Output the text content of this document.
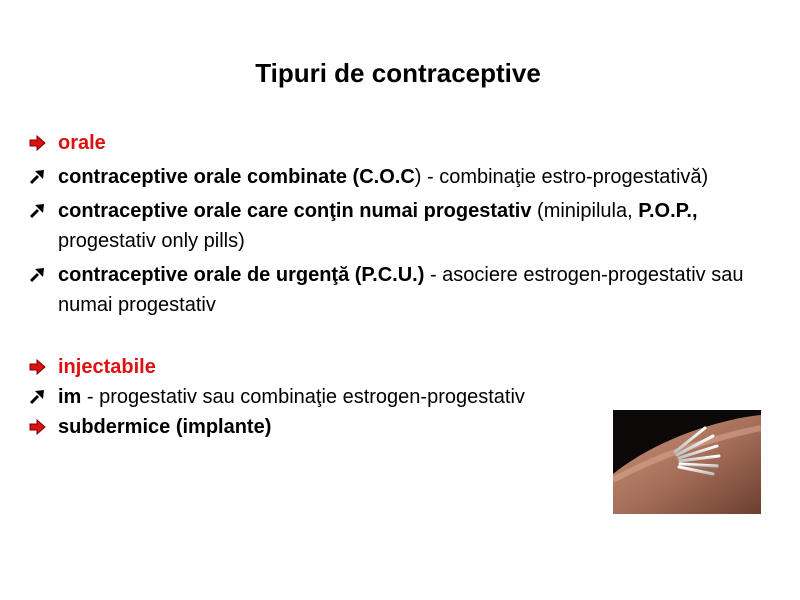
Tipuri de contraceptive
orale
contraceptive orale combinate (C.O.C) - combinaţie estro-progestativă)
contraceptive orale care conţin numai progestativ (minipilula, P.O.P., progestativ only pills)
contraceptive orale de urgenţă (P.C.U.) - asociere estrogen-progestativ sau numai progestativ
injectabile
im - progestativ sau combinaţie estrogen-progestativ
subdermice (implante)
